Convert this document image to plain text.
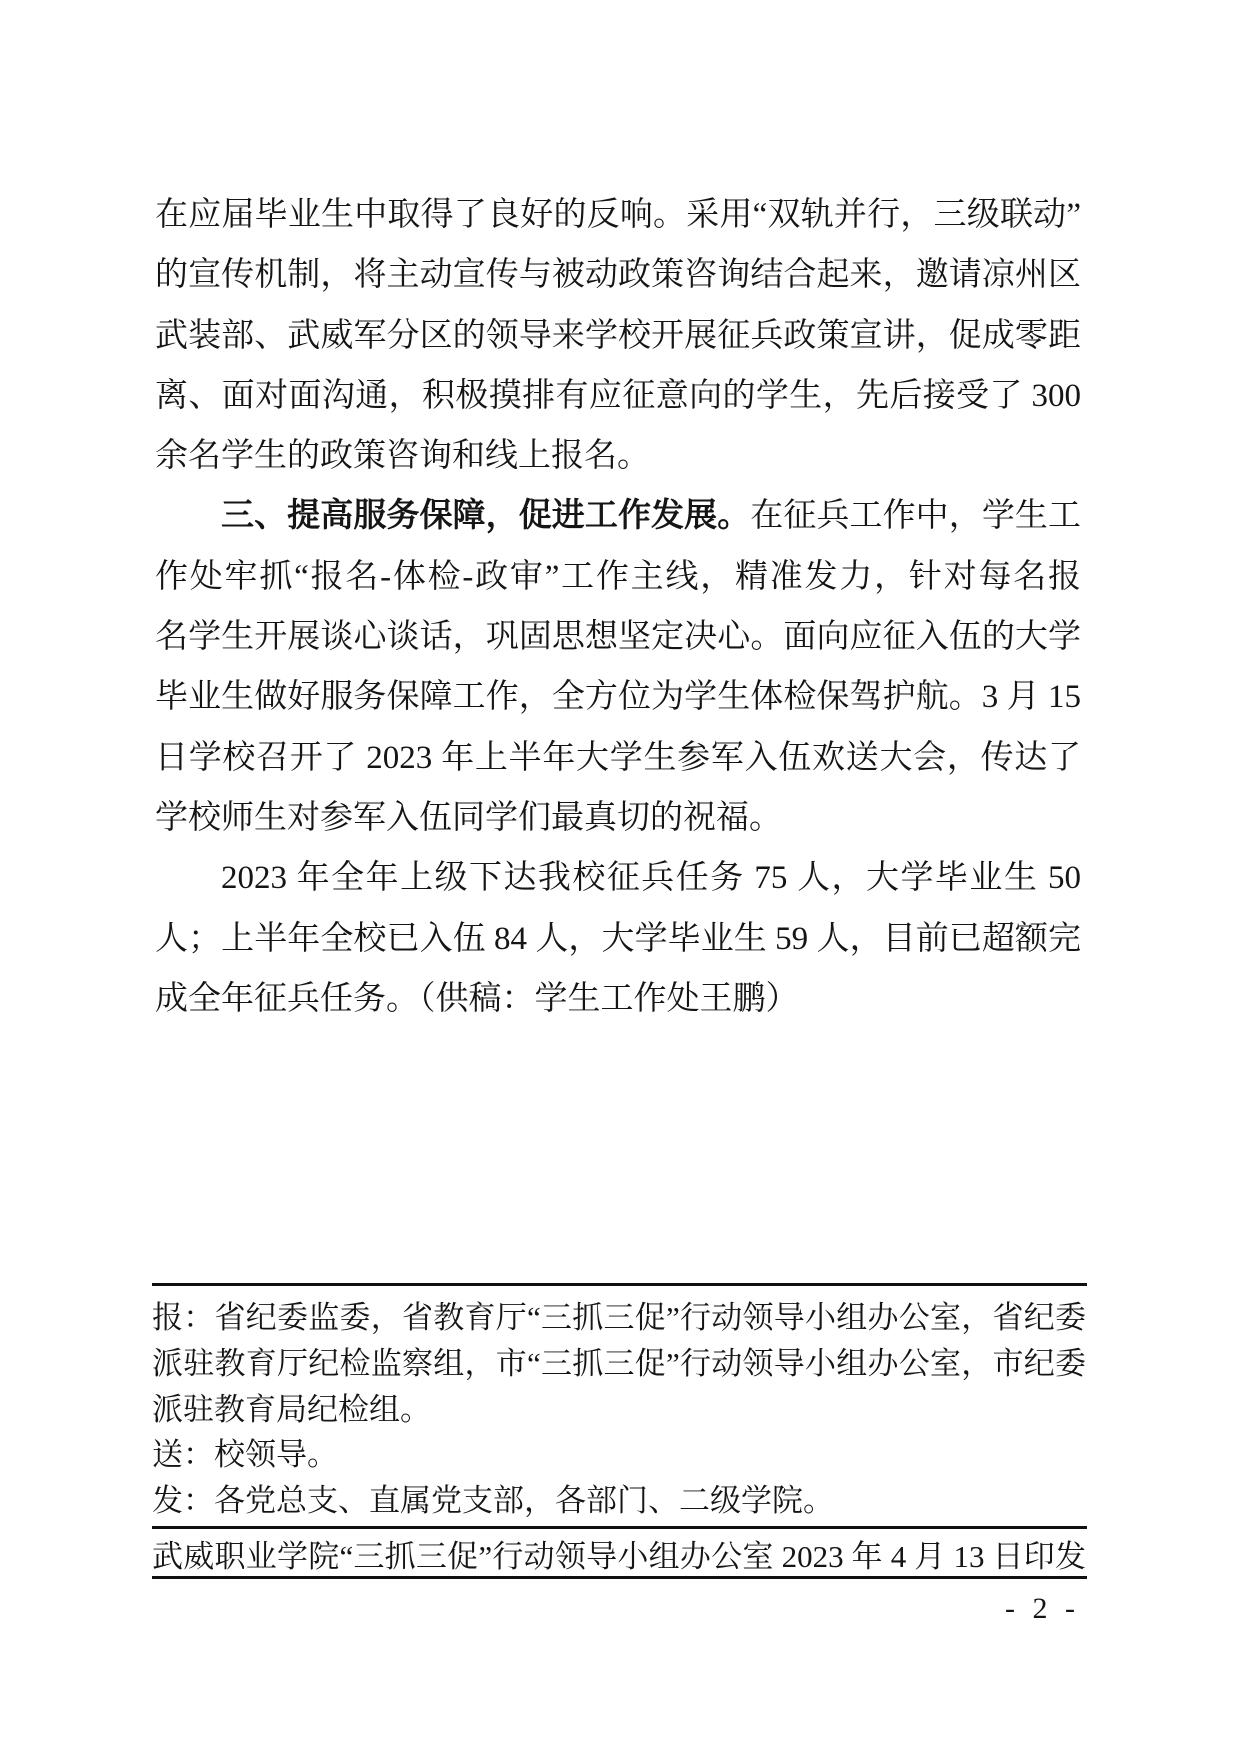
在应届毕业生中取得了良好的反响。采用“双轨并行，三级联动”
的宣传机制，将主动宣传与被动政策咨询结合起来，邀请凉州区
武装部、武威军分区的领导来学校开展征兵政策宣讲，促成零距
离、面对面沟通，积极摸排有应征意向的学生，先后接受了 300
余名学生的政策咨询和线上报名。
三、提高服务保障，促进工作发展。在征兵工作中，学生工
作处牢抓“报名-体检-政审”工作主线，精准发力，针对每名报
名学生开展谈心谈话，巩固思想坚定决心。面向应征入伍的大学
毕业生做好服务保障工作，全方位为学生体检保驾护航。3 月 15
日学校召开了 2023 年上半年大学生参军入伍欢送大会，传达了
学校师生对参军入伍同学们最真切的祝福。
2023 年全年上级下达我校征兵任务 75 人，大学毕业生 50
人；上半年全校已入伍 84 人，大学毕业生 59 人，目前已超额完
成全年征兵任务。（供稿：学生工作处王鹏）
报：省纪委监委，省教育厅“三抓三促”行动领导小组办公室，省纪委
派驻教育厅纪检监察组，市“三抓三促”行动领导小组办公室，市纪委
派驻教育局纪检组。
送：校领导。
发：各党总支、直属党支部，各部门、二级学院。
武威职业学院“三抓三促”行动领导小组办公室 2023 年 4 月 13 日印发
- 2 -
